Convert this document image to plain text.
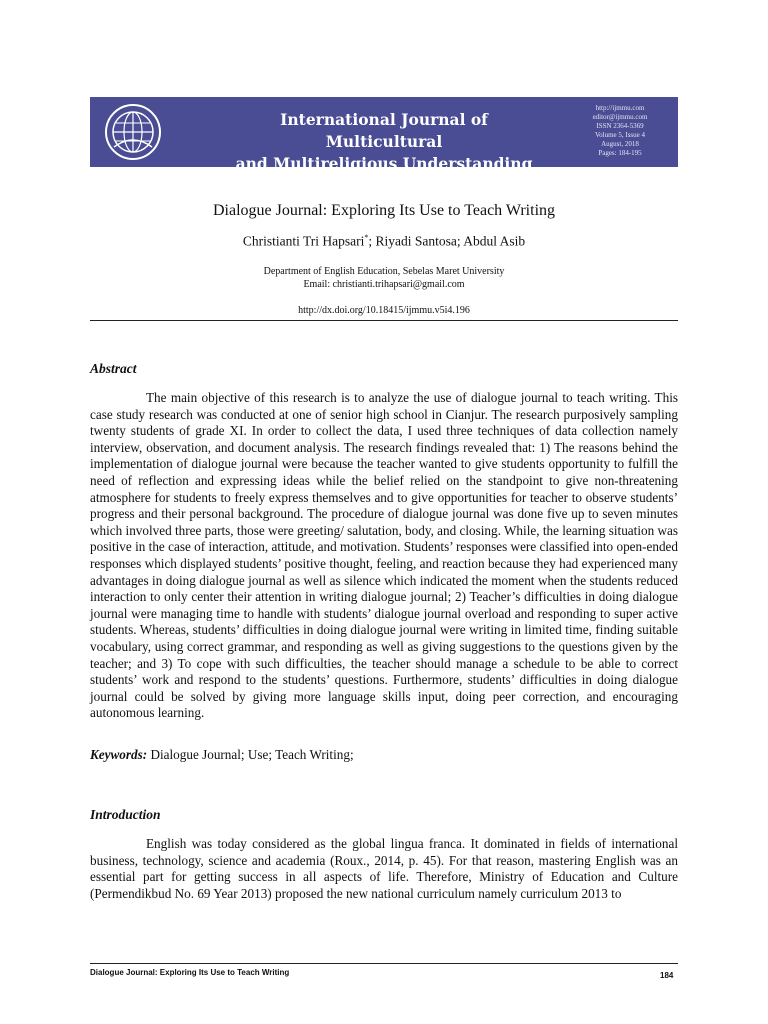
International Journal of Multicultural
and Multireligious Understanding
http://ijmmu.com
editor@ijmmu.com
ISSN 2364-5369
Volume 5, Issue 4
August, 2018
Pages: 184-195
Dialogue Journal: Exploring Its Use to Teach Writing
Christianti Tri Hapsari*; Riyadi Santosa; Abdul Asib
Department of English Education, Sebelas Maret University
Email: christianti.trihapsari@gmail.com
http://dx.doi.org/10.18415/ijmmu.v5i4.196
Abstract
The main objective of this research is to analyze the use of dialogue journal to teach writing. This case study research was conducted at one of senior high school in Cianjur. The research purposively sampling twenty students of grade XI. In order to collect the data, I used three techniques of data collection namely interview, observation, and document analysis. The research findings revealed that: 1) The reasons behind the implementation of dialogue journal were because the teacher wanted to give students opportunity to fulfill the need of reflection and expressing ideas while the belief relied on the standpoint to give non-threatening atmosphere for students to freely express themselves and to give opportunities for teacher to observe students’ progress and their personal background. The procedure of dialogue journal was done five up to seven minutes which involved three parts, those were greeting/ salutation, body, and closing. While, the learning situation was positive in the case of interaction, attitude, and motivation. Students’ responses were classified into open-ended responses which displayed students’ positive thought, feeling, and reaction because they had experienced many advantages in doing dialogue journal as well as silence which indicated the moment when the students reduced interaction to only center their attention in writing dialogue journal; 2) Teacher’s difficulties in doing dialogue journal were managing time to handle with students’ dialogue journal overload and responding to super active students. Whereas, students’ difficulties in doing dialogue journal were writing in limited time, finding suitable vocabulary, using correct grammar, and responding as well as giving suggestions to the questions given by the teacher; and 3) To cope with such difficulties, the teacher should manage a schedule to be able to correct students’ work and respond to the students’ questions. Furthermore, students’ difficulties in doing dialogue journal could be solved by giving more language skills input, doing peer correction, and encouraging autonomous learning.
Keywords: Dialogue Journal; Use; Teach Writing;
Introduction
English was today considered as the global lingua franca. It dominated in fields of international business, technology, science and academia (Roux., 2014, p. 45). For that reason, mastering English was an essential part for getting success in all aspects of life. Therefore, Ministry of Education and Culture (Permendikbud No. 69 Year 2013) proposed the new national curriculum namely curriculum 2013 to
Dialogue Journal: Exploring Its Use to Teach Writing	184
